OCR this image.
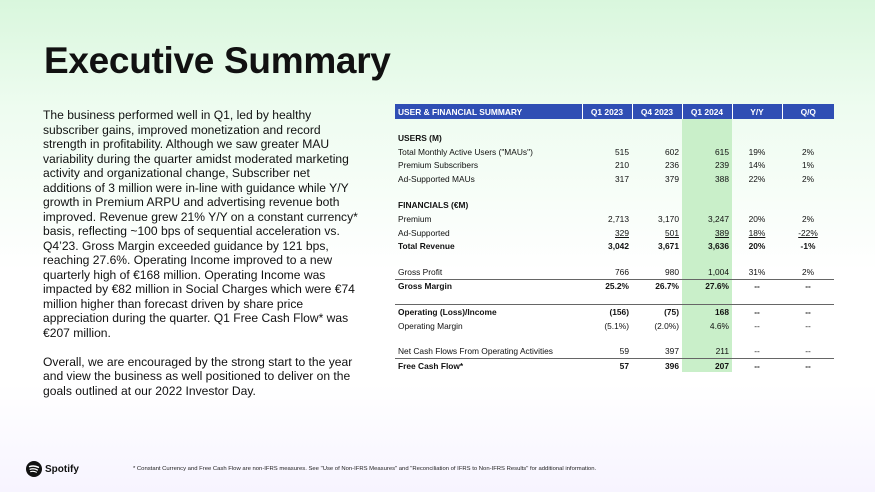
Executive Summary

The business performed well in Q1, led by healthy subscriber gains, improved monetization and record strength in profitability. Although we saw greater MAU variability during the quarter amidst moderated marketing activity and organizational change, Subscriber net additions of 3 million were in-line with guidance while Y/Y growth in Premium ARPU and advertising revenue both improved. Revenue grew 21% Y/Y on a constant currency* basis, reflecting ~100 bps of sequential acceleration vs. Q4’23. Gross Margin exceeded guidance by 121 bps, reaching 27.6%. Operating Income improved to a new quarterly high of €168 million. Operating Income was impacted by €82 million in Social Charges which were €74 million higher than forecast driven by share price appreciation during the quarter. Q1 Free Cash Flow* was €207 million.

Overall, we are encouraged by the strong start to the year and view the business as well positioned to deliver on the goals outlined at our 2022 Investor Day.

USER & FINANCIAL SUMMARY	Q1 2023	Q4 2023	Q1 2024	Y/Y	Q/Q

USERS (M)					
Total Monthly Active Users ("MAUs")	515	602	615	19%	2%
Premium Subscribers	210	236	239	14%	1%
Ad-Supported MAUs	317	379	388	22%	2%

FINANCIALS (€M)					
Premium	2,713	3,170	3,247	20%	2%
Ad-Supported	329	501	389	18%	-22%
Total Revenue	3,042	3,671	3,636	20%	-1%

Gross Profit	766	980	1,004	31%	2%
Gross Margin	25.2%	26.7%	27.6%	--	--

Operating (Loss)/Income	(156)	(75)	168	--	--
Operating Margin	(5.1%)	(2.0%)	4.6%	--	--

Net Cash Flows From Operating Activities	59	397	211	--	--
Free Cash Flow*	57	396	207	--	--
Spotify	* Constant Currency and Free Cash Flow are non-IFRS measures. See "Use of Non-IFRS Measures" and "Reconciliation of IFRS to Non-IFRS Results" for additional information.
